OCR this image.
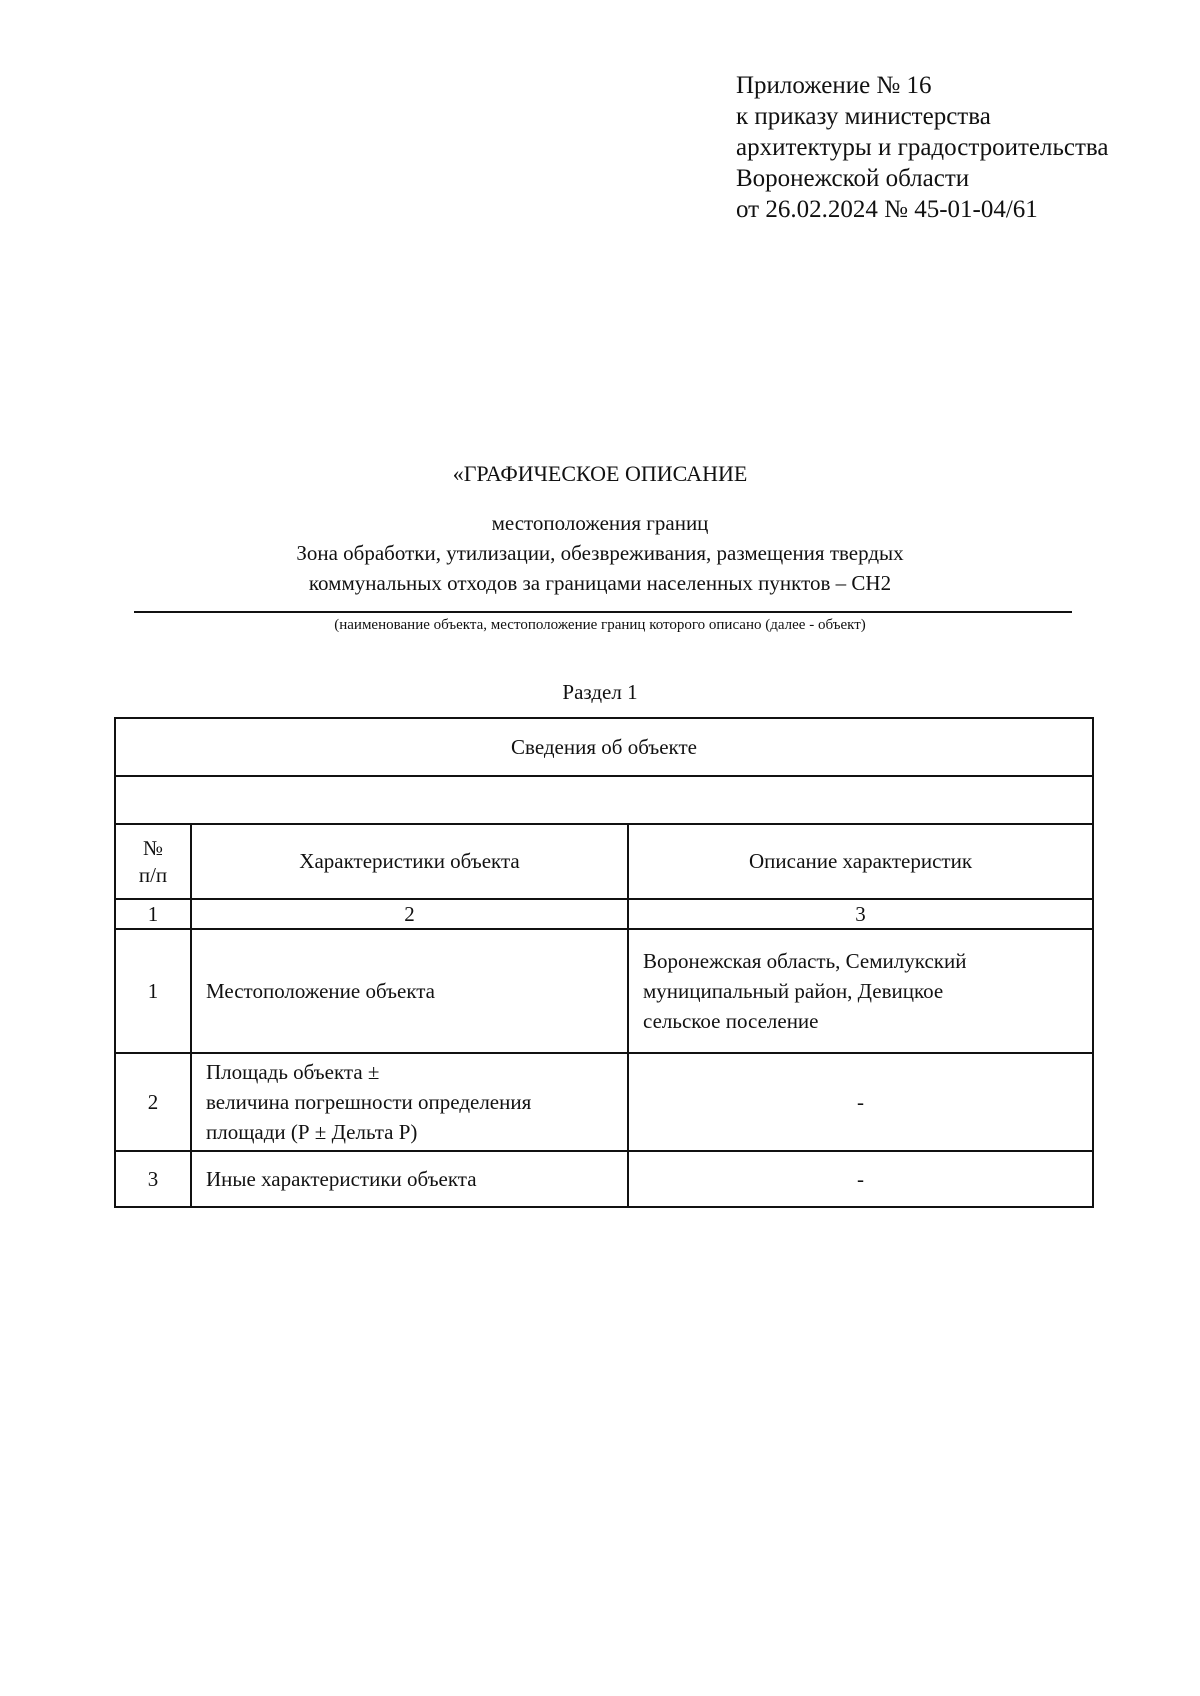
Приложение № 16
к приказу министерства
архитектуры и градостроительства
Воронежской области
от 26.02.2024 № 45-01-04/61
«ГРАФИЧЕСКОЕ ОПИСАНИЕ
местоположения границ
Зона обработки, утилизации, обезвреживания, размещения твердых
коммунальных отходов за границами населенных пунктов – СН2
(наименование объекта, местоположение границ которого описано (далее - объект)
Раздел 1
Сведения об объекте		

№
п/п	Характеристики объекта	Описание характеристик
1	2	3
1	Местоположение объекта	Воронежская область, Семилукский
муниципальный район, Девицкое
сельское поселение

2	Площадь объекта ±
величина погрешности определения
площади (Р ± Дельта Р)	-

3	Иные характеристики объекта	-
